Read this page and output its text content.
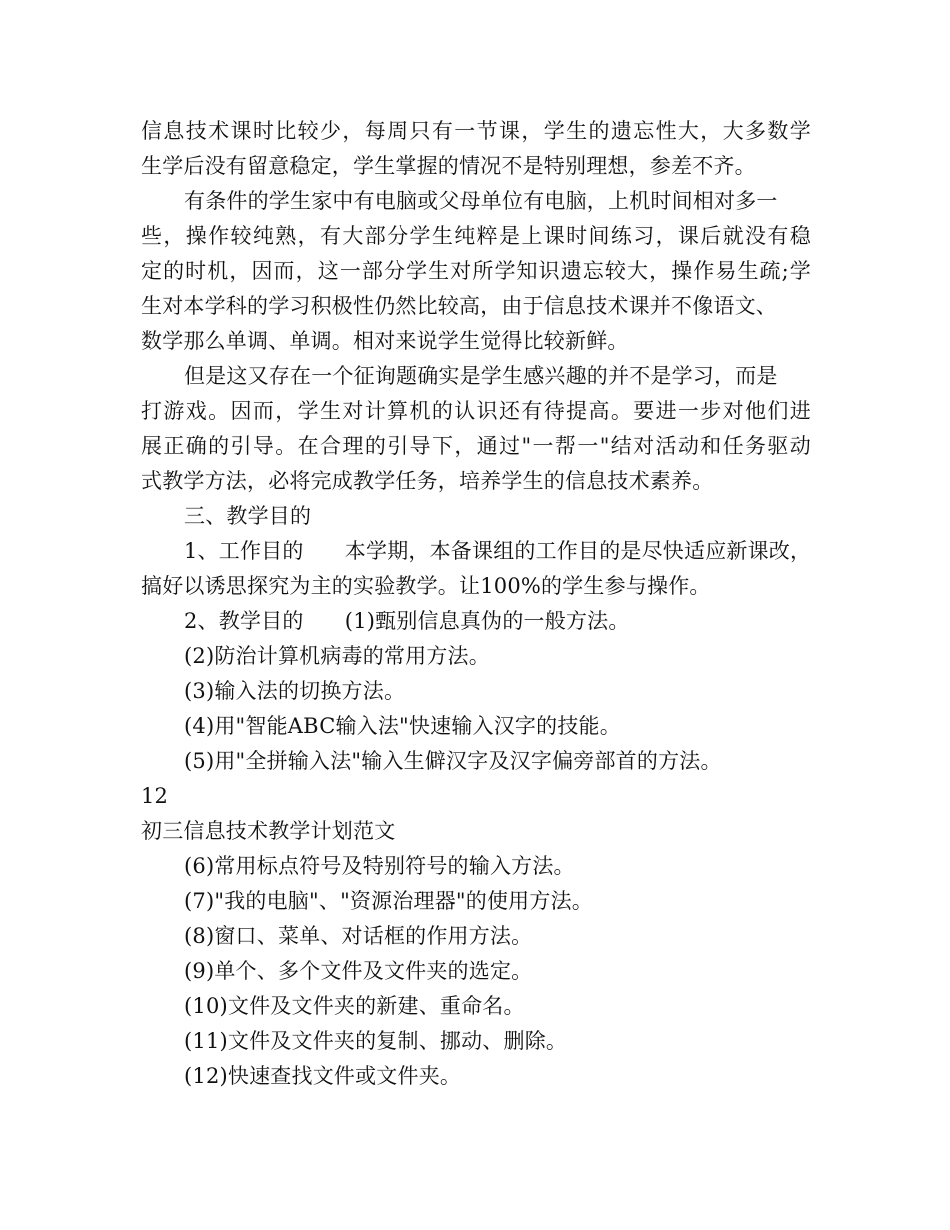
信息技术课时比较少，每周只有一节课，学生的遗忘性大，大多数学
生学后没有留意稳定，学生掌握的情况不是特别理想，参差不齐。
有条件的学生家中有电脑或父母单位有电脑，上机时间相对多一
些，操作较纯熟，有大部分学生纯粹是上课时间练习，课后就没有稳
定的时机，因而，这一部分学生对所学知识遗忘较大，操作易生疏;学
生对本学科的学习积极性仍然比较高，由于信息技术课并不像语文、
数学那么单调、单调。相对来说学生觉得比较新鲜。
但是这又存在一个征询题确实是学生感兴趣的并不是学习，而是
打游戏。因而，学生对计算机的认识还有待提高。要进一步对他们进
展正确的引导。在合理的引导下，通过"一帮一"结对活动和任务驱动
式教学方法，必将完成教学任务，培养学生的信息技术素养。
三、教学目的
1、工作目的      本学期，本备课组的工作目的是尽快适应新课改，
搞好以诱思探究为主的实验教学。让100%的学生参与操作。
2、教学目的      (1)甄别信息真伪的一般方法。
(2)防治计算机病毒的常用方法。
(3)输入法的切换方法。
(4)用"智能ABC输入法"快速输入汉字的技能。
(5)用"全拼输入法"输入生僻汉字及汉字偏旁部首的方法。
12
初三信息技术教学计划范文
(6)常用标点符号及特别符号的输入方法。
(7)"我的电脑"、"资源治理器"的使用方法。
(8)窗口、菜单、对话框的作用方法。
(9)单个、多个文件及文件夹的选定。
(10)文件及文件夹的新建、重命名。
(11)文件及文件夹的复制、挪动、删除。
(12)快速查找文件或文件夹。
